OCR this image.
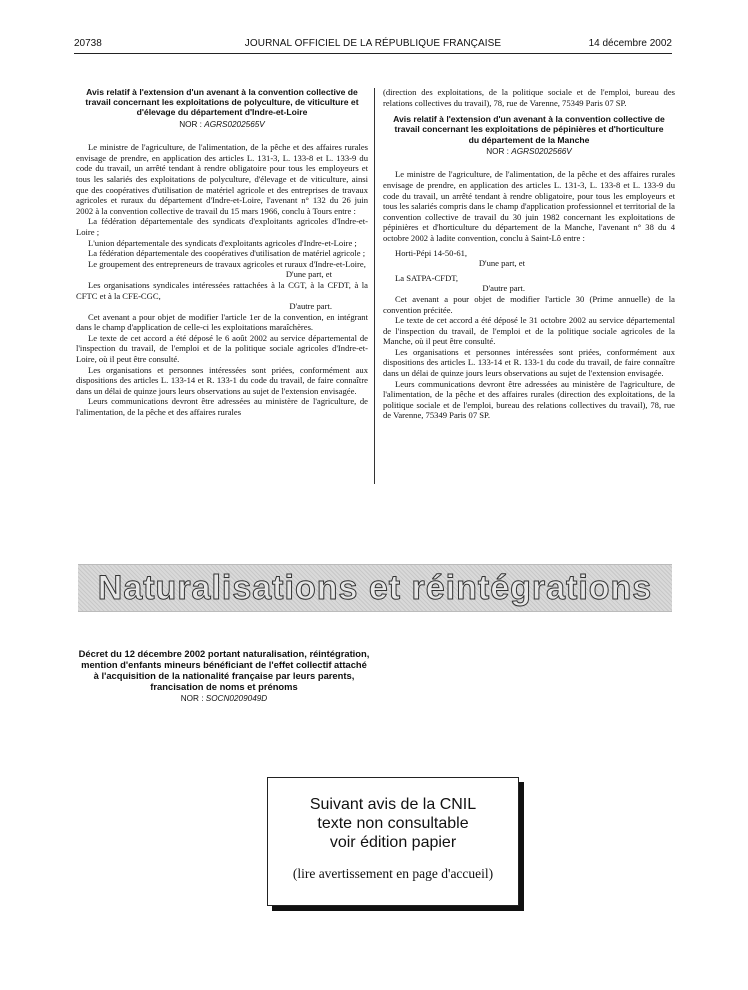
20738	JOURNAL OFFICIEL DE LA RÉPUBLIQUE FRANÇAISE	14 décembre 2002
Avis relatif à l'extension d'un avenant à la convention collective de travail concernant les exploitations de polyculture, de viticulture et d'élevage du département d'Indre-et-Loire
NOR : AGRS0202565V

Le ministre de l'agriculture, de l'alimentation, de la pêche et des affaires rurales envisage de prendre, en application des articles L. 131-3, L. 133-8 et L. 133-9 du code du travail, un arrêté tendant à rendre obligatoire pour tous les employeurs et tous les salariés des exploitations de polyculture, d'élevage et de viticulture, ainsi que des coopératives d'utilisation de matériel agricole et des entreprises de travaux agricoles et ruraux du département d'Indre-et-Loire, l'avenant n° 132 du 26 juin 2002 à la convention collective de travail du 15 mars 1966, conclu à Tours entre :

La fédération départementale des syndicats d'exploitants agricoles d'Indre-et-Loire ;

L'union départementale des syndicats d'exploitants agricoles d'Indre-et-Loire ;

La fédération départementale des coopératives d'utilisation de matériel agricole ;

Le groupement des entrepreneurs de travaux agricoles et ruraux d'Indre-et-Loire,

D'une part, et

Les organisations syndicales intéressées rattachées à la CGT, à la CFDT, à la CFTC et à la CFE-CGC,

D'autre part.

Cet avenant a pour objet de modifier l'article 1er de la convention, en intégrant dans le champ d'application de celle-ci les exploitations maraîchères.

Le texte de cet accord a été déposé le 6 août 2002 au service départemental de l'inspection du travail, de l'emploi et de la politique sociale agricoles d'Indre-et-Loire, où il peut être consulté.

Les organisations et personnes intéressées sont priées, conformément aux dispositions des articles L. 133-14 et R. 133-1 du code du travail, de faire connaître dans un délai de quinze jours leurs observations au sujet de l'extension envisagée.

Leurs communications devront être adressées au ministère de l'agriculture, de l'alimentation, de la pêche et des affaires rurales

(direction des exploitations, de la politique sociale et de l'emploi, bureau des relations collectives du travail), 78, rue de Varenne, 75349 Paris 07 SP.

Avis relatif à l'extension d'un avenant à la convention collective de travail concernant les exploitations de pépinières et d'horticulture du département de la Manche
NOR : AGRS0202566V

Le ministre de l'agriculture, de l'alimentation, de la pêche et des affaires rurales envisage de prendre, en application des articles L. 131-3, L. 133-8 et L. 133-9 du code du travail, un arrêté tendant à rendre obligatoire, pour tous les employeurs et tous les salariés compris dans le champ d'application professionnel et territorial de la convention collective de travail du 30 juin 1982 concernant les exploitations de pépinières et d'horticulture du département de la Manche, l'avenant n° 38 du 4 octobre 2002 à ladite convention, conclu à Saint-Lô entre :

Horti-Pépi 14-50-61,

D'une part, et

La SATPA-CFDT,

D'autre part.

Cet avenant a pour objet de modifier l'article 30 (Prime annuelle) de la convention précitée.

Le texte de cet accord a été déposé le 31 octobre 2002 au service départemental de l'inspection du travail, de l'emploi et de la politique sociale agricoles de la Manche, où il peut être consulté.

Les organisations et personnes intéressées sont priées, conformément aux dispositions des articles L. 133-14 et R. 133-1 du code du travail, de faire connaître dans un délai de quinze jours leurs observations au sujet de l'extension envisagée.

Leurs communications devront être adressées au ministère de l'agriculture, de l'alimentation, de la pêche et des affaires rurales (direction des exploitations, de la politique sociale et de l'emploi, bureau des relations collectives du travail), 78, rue de Varenne, 75349 Paris 07 SP.

Naturalisations et réintégrations
Décret du 12 décembre 2002 portant naturalisation, réintégration, mention d'enfants mineurs bénéficiant de l'effet collectif attaché à l'acquisition de la nationalité française par leurs parents, francisation de noms et prénoms
NOR : SOCN0209049D
Suivant avis de la CNIL
texte non consultable
voir édition papier
(lire avertissement en page d'accueil)
